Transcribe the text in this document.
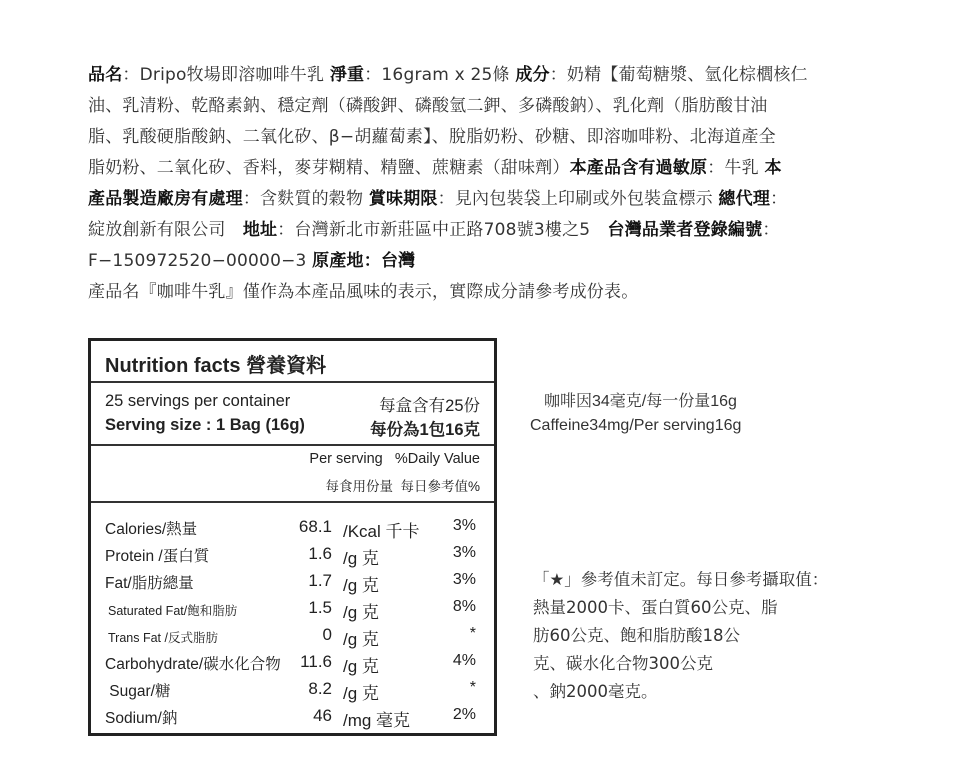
品名：Dripo牧場即溶咖啡牛乳 淨重：16gram x 25條 成分：奶精【葡萄糖漿、氫化棕櫚核仁
油、乳清粉、乾酪素鈉、穩定劑（磷酸鉀、磷酸氫二鉀、多磷酸鈉）、乳化劑（脂肪酸甘油
脂、乳酸硬脂酸鈉、二氧化矽、β−胡蘿蔔素】、脫脂奶粉、砂糖、即溶咖啡粉、北海道產全
脂奶粉、二氧化矽、香料，麥芽糊精、精鹽、蔗糖素（甜味劑）本產品含有過敏原：牛乳 本
產品製造廠房有處理：含麩質的穀物 賞味期限：見內包裝袋上印刷或外包裝盒標示 總代理：
綻放創新有限公司　地址：台灣新北市新莊區中正路708號3樓之5　台灣品業者登錄編號：
F−150972520−00000−3 原產地：台灣
產品名『咖啡牛乳』僅作為本產品風味的表示，實際成分請參考成份表。
Nutrition facts 營養資料
25 servings per container	每盒含有25份
Serving size : 1 Bag (16g)	每份為1包16克
Per serving   %Daily Value
每食用份量  每日參考值%
Calories/熱量	68.1 /Kcal 千卡 3%
Protein /蛋白質	1.6 /g 克	3%
Fat/脂肪總量	1.7 /g 克	3%
Saturated Fat/飽和脂肪	1.5 /g 克	8%
Trans Fat /反式脂肪	0 /g 克	*
Carbohydrate/碳水化合物 11.6 /g 克	4%
Sugar/糖	8.2 /g 克	*
Sodium/鈉	46 /mg 毫克	2%
咖啡因34毫克/每一份量16g
Caffeine34mg/Per serving16g
「★」參考值未訂定。每日參考攝取值：
熱量2000卡、蛋白質60公克、脂
肪60公克、飽和脂肪酸18公
克、碳水化合物300公克
、鈉2000毫克。
